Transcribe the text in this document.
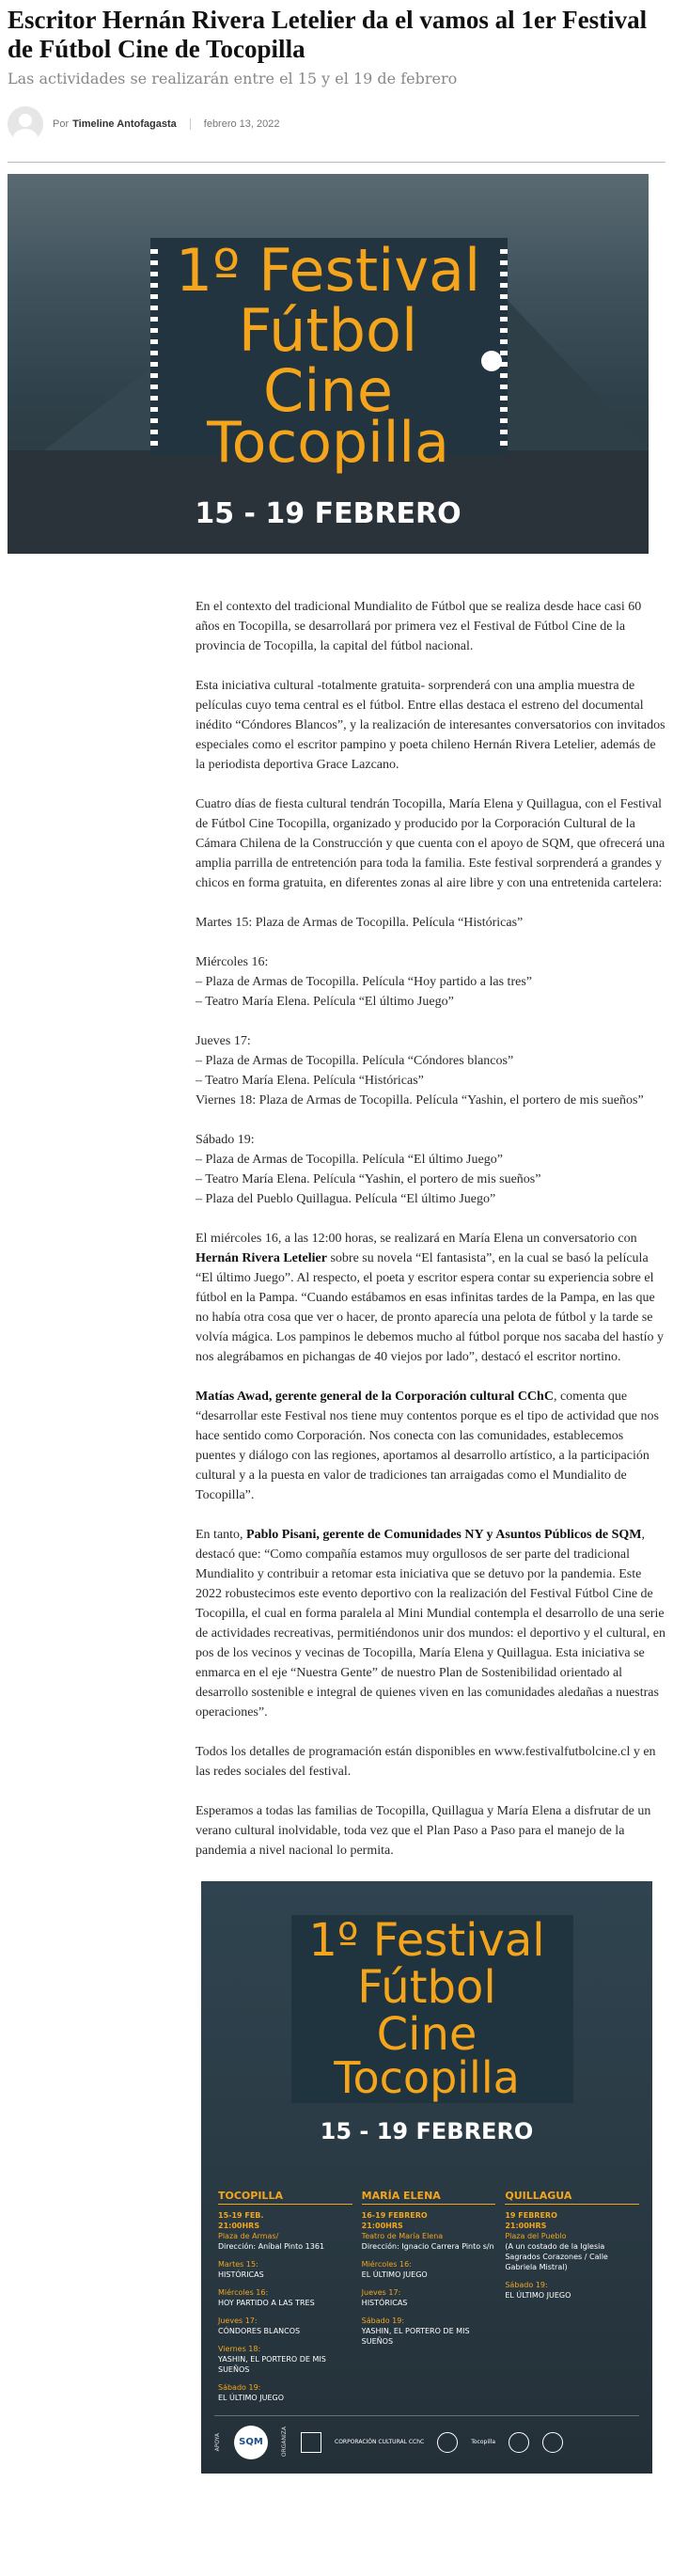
Escritor Hernán Rivera Letelier da el vamos al 1er Festival de Fútbol Cine de Tocopilla
Las actividades se realizarán entre el 15 y el 19 de febrero
Por Timeline Antofagasta	febrero 13, 2022
1º Festival
Fútbol
Cine
Tocopilla
15 - 19 FEBRERO

En el contexto del tradicional Mundialito de Fútbol que se realiza desde hace casi 60 años en Tocopilla, se desarrollará por primera vez el Festival de Fútbol Cine de la provincia de Tocopilla, la capital del fútbol nacional.

Esta iniciativa cultural -totalmente gratuita- sorprenderá con una amplia muestra de películas cuyo tema central es el fútbol. Entre ellas destaca el estreno del documental inédito “Cóndores Blancos”, y la realización de interesantes conversatorios con invitados especiales como el escritor pampino y poeta chileno Hernán Rivera Letelier, además de la periodista deportiva Grace Lazcano.

Cuatro días de fiesta cultural tendrán Tocopilla, María Elena y Quillagua, con el Festival de Fútbol Cine Tocopilla, organizado y producido por la Corporación Cultural de la Cámara Chilena de la Construcción y que cuenta con el apoyo de SQM, que ofrecerá una amplia parrilla de entretención para toda la familia. Este festival sorprenderá a grandes y chicos en forma gratuita, en diferentes zonas al aire libre y con una entretenida cartelera:

Martes 15: Plaza de Armas de Tocopilla. Película “Históricas”

Miércoles 16:
– Plaza de Armas de Tocopilla. Película “Hoy partido a las tres”
– Teatro María Elena. Película “El último Juego”

Jueves 17:
– Plaza de Armas de Tocopilla. Película “Cóndores blancos”
– Teatro María Elena. Película “Históricas”
Viernes 18: Plaza de Armas de Tocopilla. Película “Yashin, el portero de mis sueños”

Sábado 19:
– Plaza de Armas de Tocopilla. Película “El último Juego”
– Teatro María Elena. Película “Yashin, el portero de mis sueños”
– Plaza del Pueblo Quillagua. Película “El último Juego”

El miércoles 16, a las 12:00 horas, se realizará en María Elena un conversatorio con Hernán Rivera Letelier sobre su novela “El fantasista”, en la cual se basó la película “El último Juego”. Al respecto, el poeta y escritor espera contar su experiencia sobre el fútbol en la Pampa. “Cuando estábamos en esas infinitas tardes de la Pampa, en las que no había otra cosa que ver o hacer, de pronto aparecía una pelota de fútbol y la tarde se volvía mágica. Los pampinos le debemos mucho al fútbol porque nos sacaba del hastío y nos alegrábamos en pichangas de 40 viejos por lado”, destacó el escritor nortino.

Matías Awad, gerente general de la Corporación cultural CChC, comenta que “desarrollar este Festival nos tiene muy contentos porque es el tipo de actividad que nos hace sentido como Corporación. Nos conecta con las comunidades, establecemos puentes y diálogo con las regiones, aportamos al desarrollo artístico, a la participación cultural y a la puesta en valor de tradiciones tan arraigadas como el Mundialito de Tocopilla”.

En tanto, Pablo Pisani, gerente de Comunidades NY y Asuntos Públicos de SQM, destacó que: “Como compañía estamos muy orgullosos de ser parte del tradicional Mundialito y contribuir a retomar esta iniciativa que se detuvo por la pandemia. Este 2022 robustecimos este evento deportivo con la realización del Festival Fútbol Cine de Tocopilla, el cual en forma paralela al Mini Mundial contempla el desarrollo de una serie de actividades recreativas, permitiéndonos unir dos mundos: el deportivo y el cultural, en pos de los vecinos y vecinas de Tocopilla, María Elena y Quillagua. Esta iniciativa se enmarca en el eje “Nuestra Gente” de nuestro Plan de Sostenibilidad orientado al desarrollo sostenible e integral de quienes viven en las comunidades aledañas a nuestras operaciones”.

Todos los detalles de programación están disponibles en www.festivalfutbolcine.cl y en las redes sociales del festival.

Esperamos a todas las familias de Tocopilla, Quillagua y María Elena a disfrutar de un verano cultural inolvidable, toda vez que el Plan Paso a Paso para el manejo de la pandemia a nivel nacional lo permita.

1º Festival
Fútbol
Cine
Tocopilla
15 - 19 FEBRERO
TOCOPILLA
15-19 FEB.
21:00HRS
Plaza de Armas/
Dirección: Aníbal Pinto 1361
Martes 15:
HISTÓRICAS
Miércoles 16:
HOY PARTIDO A LAS TRES
Jueves 17:
CÓNDORES BLANCOS
Viernes 18:
YASHIN, EL PORTERO DE MIS SUEÑOS
Sábado 19:
EL ÚLTIMO JUEGO
MARÍA ELENA
16-19 FEBRERO
21:00HRS
Teatro de María Elena
Dirección: Ignacio Carrera Pinto s/n
Miércoles 16:
EL ÚLTIMO JUEGO
Jueves 17:
HISTÓRICAS
Sábado 19:
YASHIN, EL PORTERO DE MIS SUEÑOS
QUILLAGUA
19 FEBRERO
21:00HRS
Plaza del Pueblo
(A un costado de la Iglesia Sagrados Corazones / Calle Gabriela Mistral)
Sábado 19:
EL ÚLTIMO JUEGO
APOYA	SQM	ORGANIZA	CORPORACIÓN CULTURAL CChC	Tocopilla
